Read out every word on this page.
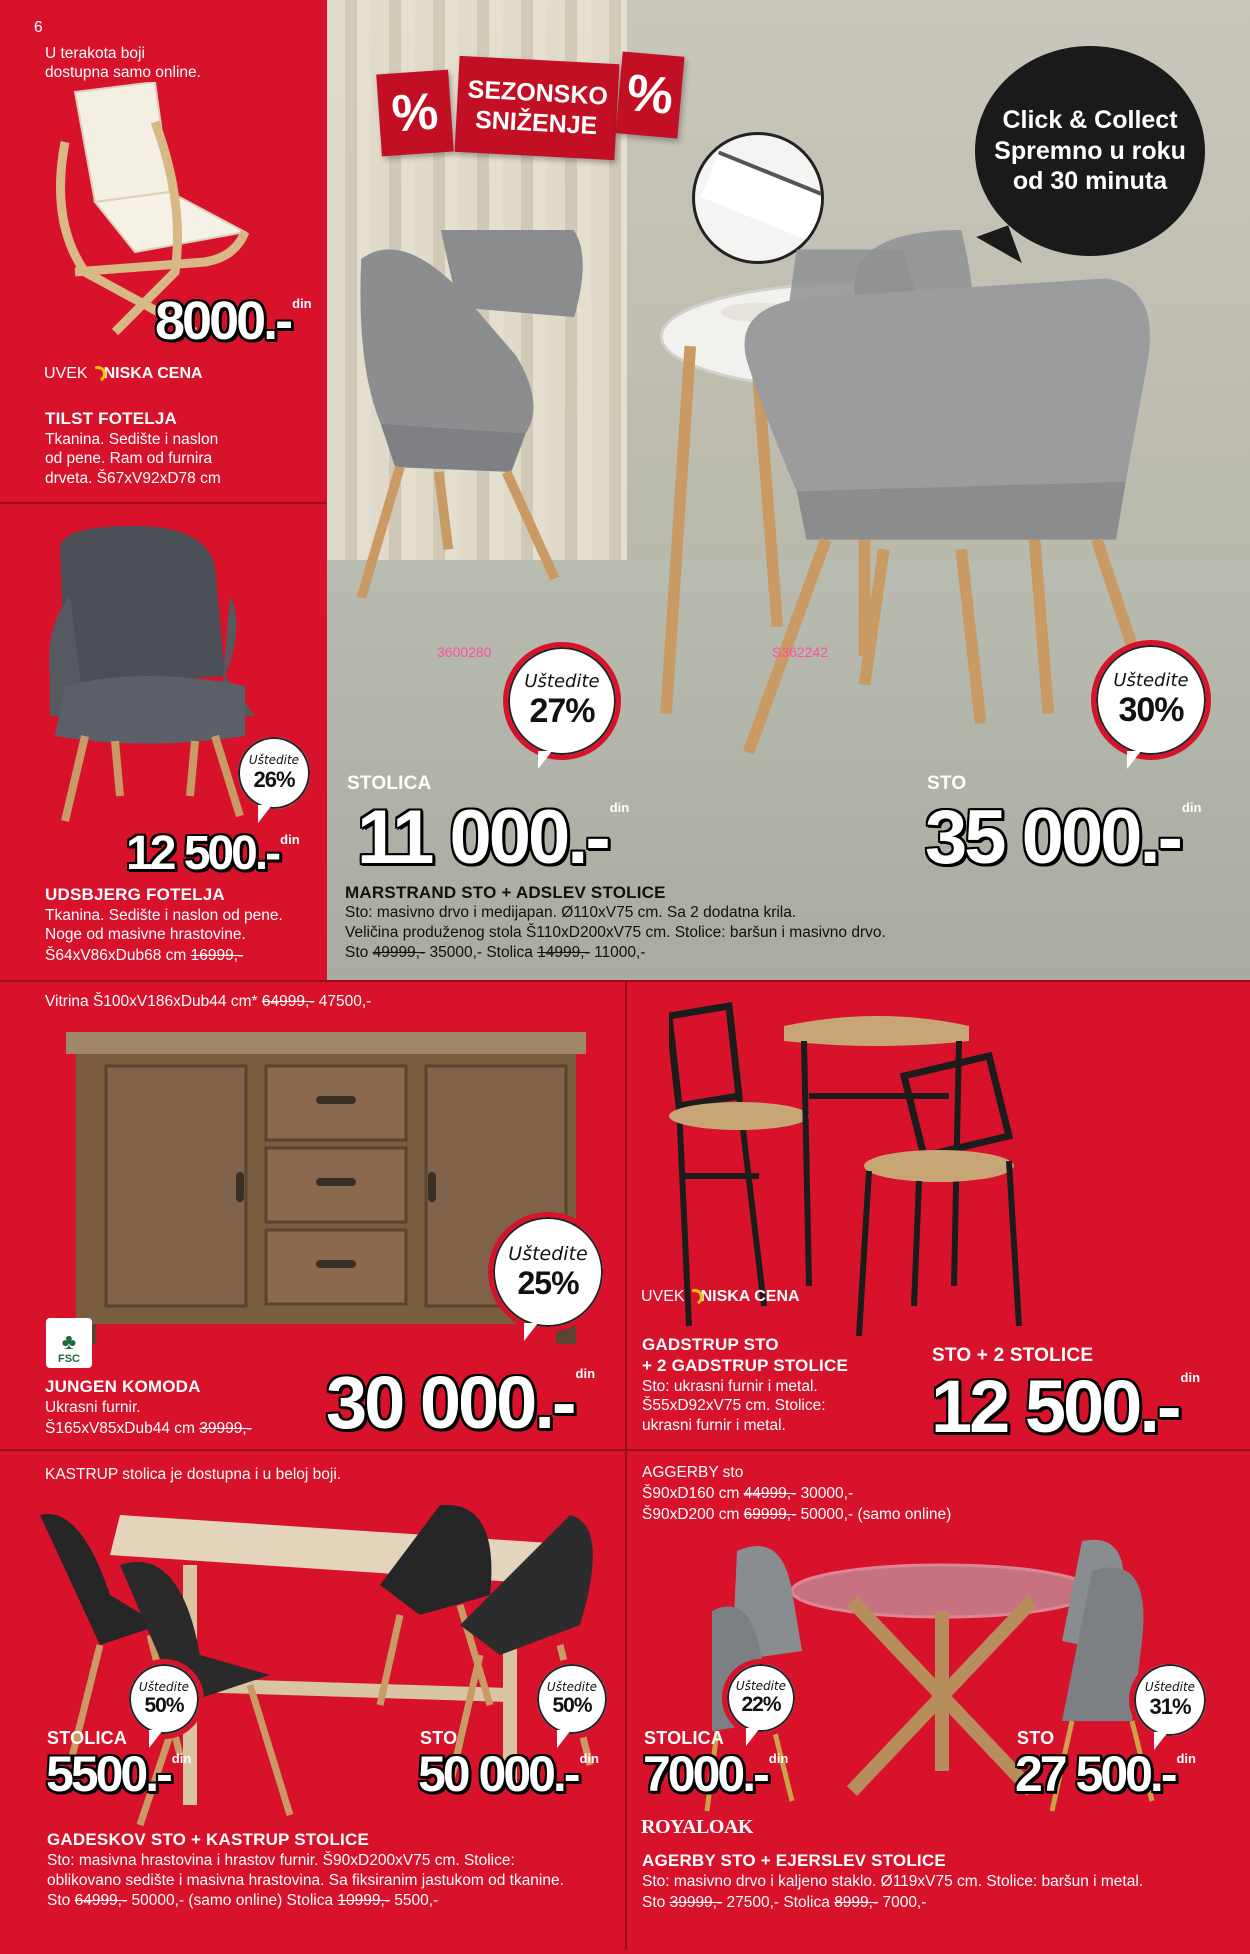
6
U terakota boji
dostupna samo online.
8000.- $^{din}$
UVEK NISKA CENA
TILST FOTELJA
Tkanina. Sedište i naslon
od pene. Ram od furnira
drveta. Š67xV92xD78 cm
Uštedite
26%
12 500.- $^{din}$
UDSBJERG FOTELJA
Tkanina. Sedište i naslon od pene.
Noge od masivne hrastovine.
Š64xV86xDub68 cm 16999,-
%	SEZONSKO
SNIŽENJE %	Click & Collect
Spremno u roku
od 30 minuta
3600280	S362242
Uštedite
27%
Uštedite
30%
STOLICA	STO
11 000.- $^{din}$	35 000.- $^{din}$
MARSTRAND STO + ADSLEV STOLICE
Sto: masivno drvo i medijapan. Ø110xV75 cm. Sa 2 dodatna krila.
Veličina produženog stola Š110xD200xV75 cm. Stolice: baršun i masivno drvo.
Sto 49999,- 35000,- Stolica 14999,- 11000,-
Vitrina Š100xV186xDub44 cm* 64999,- 47500,-
Uštedite
25%
♣
FSC
JUNGEN KOMODA
Ukrasni furnir.
Š165xV85xDub44 cm 39999,- 30 000.- $^{din}$
UVEK NISKA CENA
GADSTRUP STO
+ 2 GADSTRUP STOLICE
Sto: ukrasni furnir i metal.
Š55xD92xV75 cm. Stolice:
ukrasni furnir i metal.
STO + 2 STOLICE
12 500.- $^{din}$
KASTRUP stolica je dostupna i u beloj boji.
Uštedite
50%
Uštedite
50%
STOLICA	STO
5500.- $^{din}$	50 000.- $^{din}$
GADESKOV STO + KASTRUP STOLICE
Sto: masivna hrastovina i hrastov furnir. Š90xD200xV75 cm. Stolice:
oblikovano sedište i masivna hrastovina. Sa fiksiranim jastukom od tkanine.
Sto 64999,- 50000,- (samo online) Stolica 10999,- 5500,-
AGGERBY sto
Š90xD160 cm 44999,- 30000,-
Š90xD200 cm 69999,- 50000,- (samo online)
Uštedite
22%
Uštedite
31%
STOLICA	STO
7000.- $^{din}$	27 500.- $^{din}$
ROYALOAK
AGERBY STO + EJERSLEV STOLICE
Sto: masivno drvo i kaljeno staklo. Ø119xV75 cm. Stolice: baršun i metal.
Sto 39999,- 27500,- Stolica 8999,- 7000,-
